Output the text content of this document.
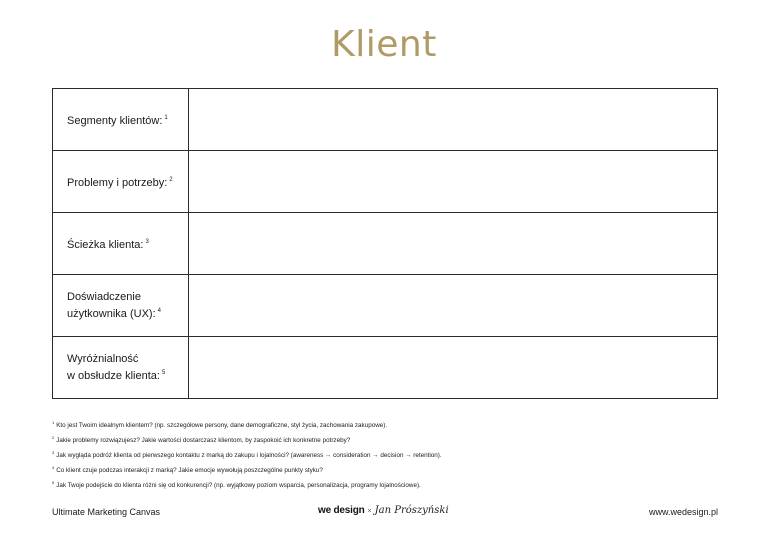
Klient
Segmenty klientów: $^1$
Problemy i potrzeby: $^2$
Ścieżka klienta: $^3$
Doświadczenie
użytkownika (UX): $^4$
Wyróżnialność
w obsłudze klienta: $^5$
$^1$ Kto jest Twoim idealnym klientem? (np. szczegółowe persony, dane demograficzne, styl życia, zachowania zakupowe).
$^2$ Jakie problemy rozwiązujesz? Jakie wartości dostarczasz klientom, by zaspokoić ich konkretne potrzeby?
$^3$ Jak wygląda podróż klienta od pierwszego kontaktu z marką do zakupu i lojalności? (awareness → consideration → decision → retention).
$^4$ Co klient czuje podczas interakcji z marką? Jakie emocje wywołują poszczególne punkty styku?
$^5$ Jak Twoje podejście do klienta różni się od konkurencji? (np. wyjątkowy poziom wsparcia, personalizacja, programy lojalnościowe).
Ultimate Marketing Canvas	we design × Jan Prószyński	www.wedesign.pl
